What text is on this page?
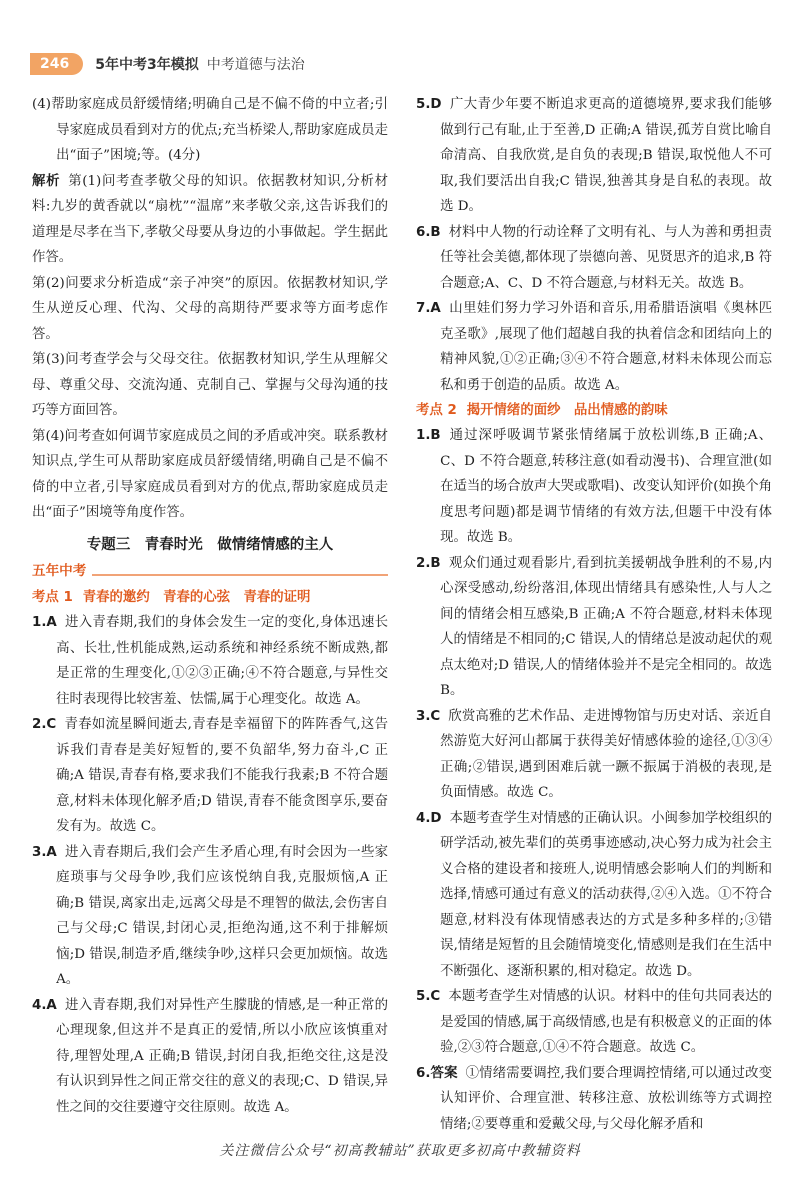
246	5年中考3年模拟 中考道德与法治

(4)帮助家庭成员舒缓情绪;明确自己是不偏不倚的中立者;引导家庭成员看到对方的优点;充当桥梁人,帮助家庭成员走出“面子”困境;等。(4分)

解析 第(1)问考查孝敬父母的知识。依据教材知识,分析材料:九岁的黄香就以“扇枕”“温席”来孝敬父亲,这告诉我们的道理是尽孝在当下,孝敬父母要从身边的小事做起。学生据此作答。

第(2)问要求分析造成“亲子冲突”的原因。依据教材知识,学生从逆反心理、代沟、父母的高期待严要求等方面考虑作答。

第(3)问考查学会与父母交往。依据教材知识,学生从理解父母、尊重父母、交流沟通、克制自己、掌握与父母沟通的技巧等方面回答。

第(4)问考查如何调节家庭成员之间的矛盾或冲突。联系教材知识点,学生可从帮助家庭成员舒缓情绪,明确自己是不偏不倚的中立者,引导家庭成员看到对方的优点,帮助家庭成员走出“面子”困境等角度作答。

专题三　青春时光　做情绪情感的主人
五年中考
考点 1 青春的邀约　青春的心弦　青春的证明

1.A 进入青春期,我们的身体会发生一定的变化,身体迅速长高、长壮,性机能成熟,运动系统和神经系统不断成熟,都是正常的生理变化,①②③正确;④不符合题意,与异性交往时表现得比较害羞、怯懦,属于心理变化。故选 A。

2.C 青春如流星瞬间逝去,青春是幸福留下的阵阵香气,这告诉我们青春是美好短暂的,要不负韶华,努力奋斗,C 正确;A 错误,青春有格,要求我们不能我行我素;B 不符合题意,材料未体现化解矛盾;D 错误,青春不能贪图享乐,要奋发有为。故选 C。

3.A 进入青春期后,我们会产生矛盾心理,有时会因为一些家庭琐事与父母争吵,我们应该悦纳自我,克服烦恼,A 正确;B 错误,离家出走,远离父母是不理智的做法,会伤害自己与父母;C 错误,封闭心灵,拒绝沟通,这不利于排解烦恼;D 错误,制造矛盾,继续争吵,这样只会更加烦恼。故选 A。

4.A 进入青春期,我们对异性产生朦胧的情感,是一种正常的心理现象,但这并不是真正的爱情,所以小欣应该慎重对待,理智处理,A 正确;B 错误,封闭自我,拒绝交往,这是没有认识到异性之间正常交往的意义的表现;C、D 错误,异性之间的交往要遵守交往原则。故选 A。

5.D 广大青少年要不断追求更高的道德境界,要求我们能够做到行己有耻,止于至善,D 正确;A 错误,孤芳自赏比喻自命清高、自我欣赏,是自负的表现;B 错误,取悦他人不可取,我们要活出自我;C 错误,独善其身是自私的表现。故选 D。

6.B 材料中人物的行动诠释了文明有礼、与人为善和勇担责任等社会美德,都体现了崇德向善、见贤思齐的追求,B 符合题意;A、C、D 不符合题意,与材料无关。故选 B。

7.A 山里娃们努力学习外语和音乐,用希腊语演唱《奥林匹克圣歌》,展现了他们超越自我的执着信念和团结向上的精神风貌,①②正确;③④不符合题意,材料未体现公而忘私和勇于创造的品质。故选 A。

考点 2 揭开情绪的面纱　品出情感的韵味

1.B 通过深呼吸调节紧张情绪属于放松训练,B 正确;A、C、D 不符合题意,转移注意(如看动漫书)、合理宣泄(如在适当的场合放声大哭或歌唱)、改变认知评价(如换个角度思考问题)都是调节情绪的有效方法,但题干中没有体现。故选 B。

2.B 观众们通过观看影片,看到抗美援朝战争胜利的不易,内心深受感动,纷纷落泪,体现出情绪具有感染性,人与人之间的情绪会相互感染,B 正确;A 不符合题意,材料未体现人的情绪是不相同的;C 错误,人的情绪总是波动起伏的观点太绝对;D 错误,人的情绪体验并不是完全相同的。故选 B。

3.C 欣赏高雅的艺术作品、走进博物馆与历史对话、亲近自然游览大好河山都属于获得美好情感体验的途径,①③④正确;②错误,遇到困难后就一蹶不振属于消极的表现,是负面情感。故选 C。

4.D 本题考查学生对情感的正确认识。小闽参加学校组织的研学活动,被先辈们的英勇事迹感动,决心努力成为社会主义合格的建设者和接班人,说明情感会影响人们的判断和选择,情感可通过有意义的活动获得,②④入选。①不符合题意,材料没有体现情感表达的方式是多种多样的;③错误,情绪是短暂的且会随情境变化,情感则是我们在生活中不断强化、逐渐积累的,相对稳定。故选 D。

5.C 本题考查学生对情感的认识。材料中的佳句共同表达的是爱国的情感,属于高级情感,也是有积极意义的正面的体验,②③符合题意,①④不符合题意。故选 C。

6.答案 ①情绪需要调控,我们要合理调控情绪,可以通过改变认知评价、合理宣泄、转移注意、放松训练等方式调控情绪;②要尊重和爱戴父母,与父母化解矛盾和

关注微信公众号“初高教辅站”获取更多初高中教辅资料
